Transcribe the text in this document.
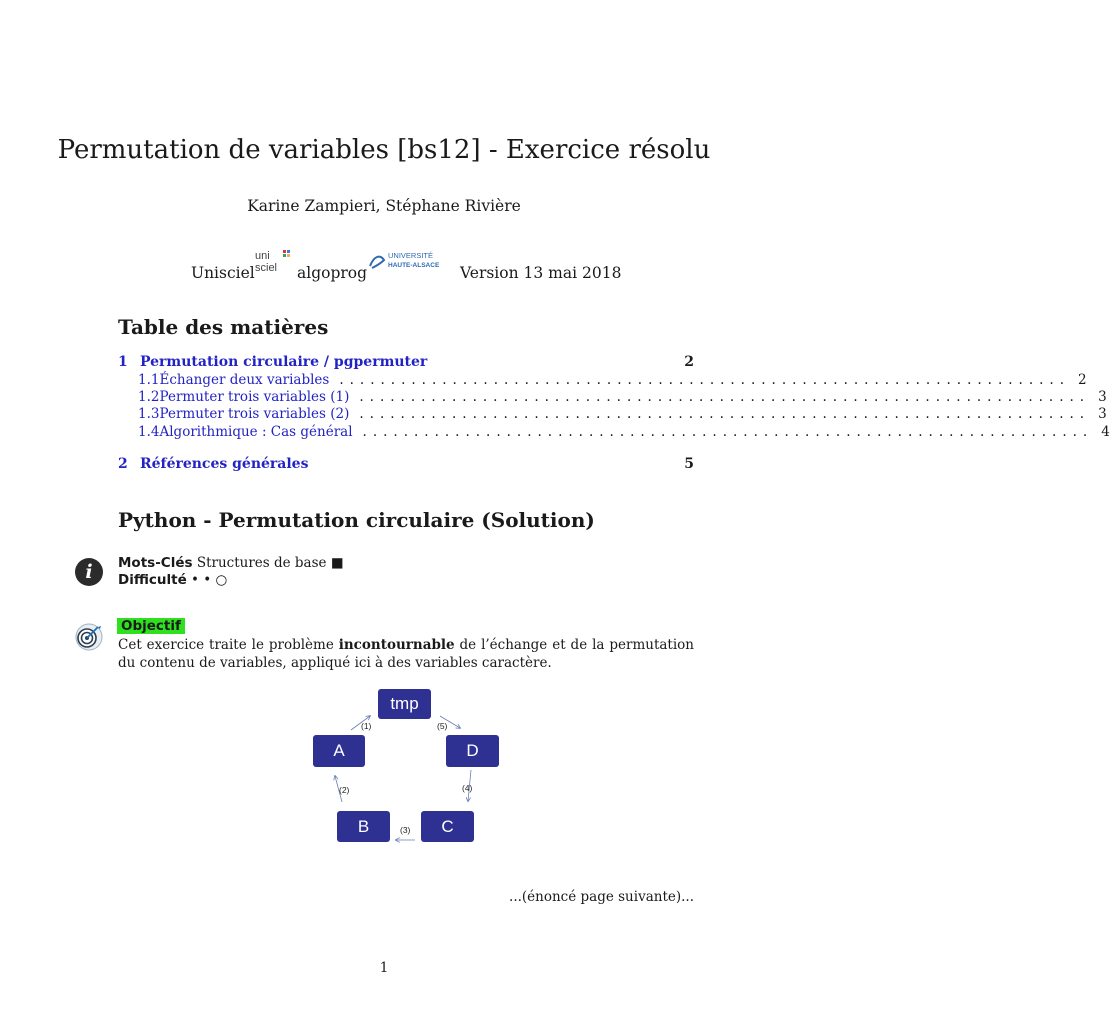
Permutation de variables [bs12] - Exercice résolu
Karine Zampieri, Stéphane Rivière
Unisciel
uni
sciel algoprog
UNIVERSITÉ
HAUTE-ALSACE Version 13 mai 2018
Table des matières
1 Permutation circulaire / pgpermuter	2
1.1 Échanger deux variables ....................................................................... 2
1.2 Permuter trois variables (1) ....................................................................... 3
1.3 Permuter trois variables (2) ....................................................................... 3
1.4 Algorithmique : Cas général ....................................................................... 4
2 Références générales	5
Python - Permutation circulaire (Solution)
i	Mots-Clés Structures de base ■
Difficulté • • ○
Objectif
Cet exercice traite le problème incontournable de l’échange et de la permutation du contenu de variables, appliqué ici à des variables caractère.
tmp
A	D
B	C
(1)
(2)
(3)
(4)
(5)
...(énoncé page suivante)...
1
